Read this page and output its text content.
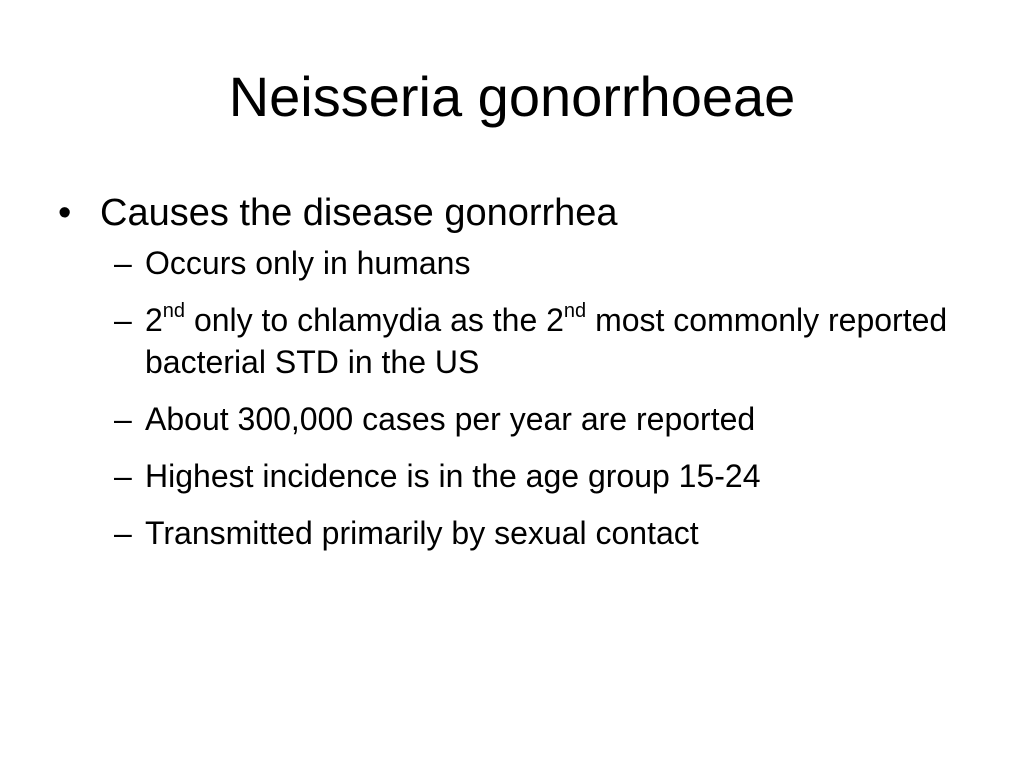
Neisseria gonorrhoeae
• Causes the disease gonorrhea
– Occurs only in humans
– 2nd only to chlamydia as the 2nd most commonly reported bacterial STD in the US
– About 300,000 cases per year are reported
– Highest incidence is in the age group 15-24
– Transmitted primarily by sexual contact
